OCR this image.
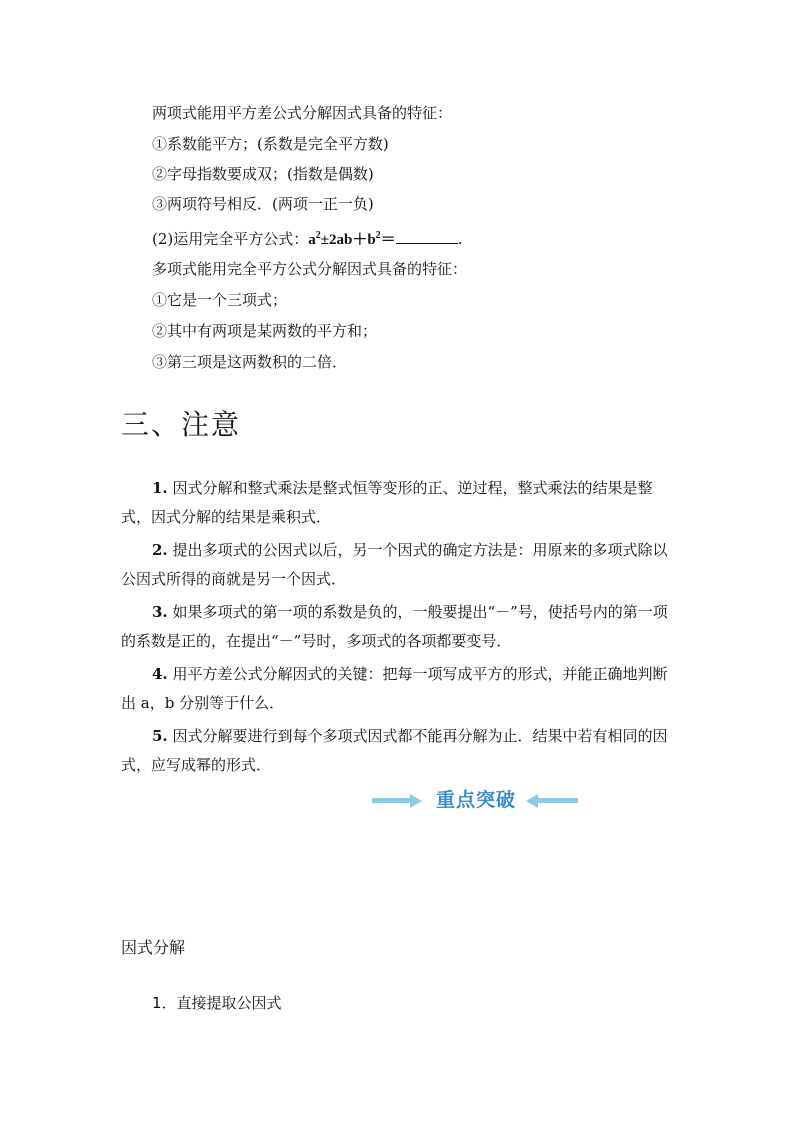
两项式能用平方差公式分解因式具备的特征：
①系数能平方；(系数是完全平方数)
②字母指数要成双；(指数是偶数)
③两项符号相反．(两项一正一负)
(2)运用完全平方公式：$a^2\pm 2ab+b^2=$	.
多项式能用完全平方公式分解因式具备的特征：
①它是一个三项式；
②其中有两项是某两数的平方和；
③第三项是这两数积的二倍．
三、注意
1. 因式分解和整式乘法是整式恒等变形的正、逆过程，整式乘法的结果是整式，因式分解的结果是乘积式．
2. 提出多项式的公因式以后，另一个因式的确定方法是：用原来的多项式除以公因式所得的商就是另一个因式．
3. 如果多项式的第一项的系数是负的，一般要提出“－”号，使括号内的第一项的系数是正的，在提出“－”号时，多项式的各项都要变号．
4. 用平方差公式分解因式的关键：把每一项写成平方的形式，并能正确地判断出 a，b 分别等于什么．
5. 因式分解要进行到每个多项式因式都不能再分解为止．结果中若有相同的因式，应写成幂的形式．
重点突破
因式分解
1．直接提取公因式
